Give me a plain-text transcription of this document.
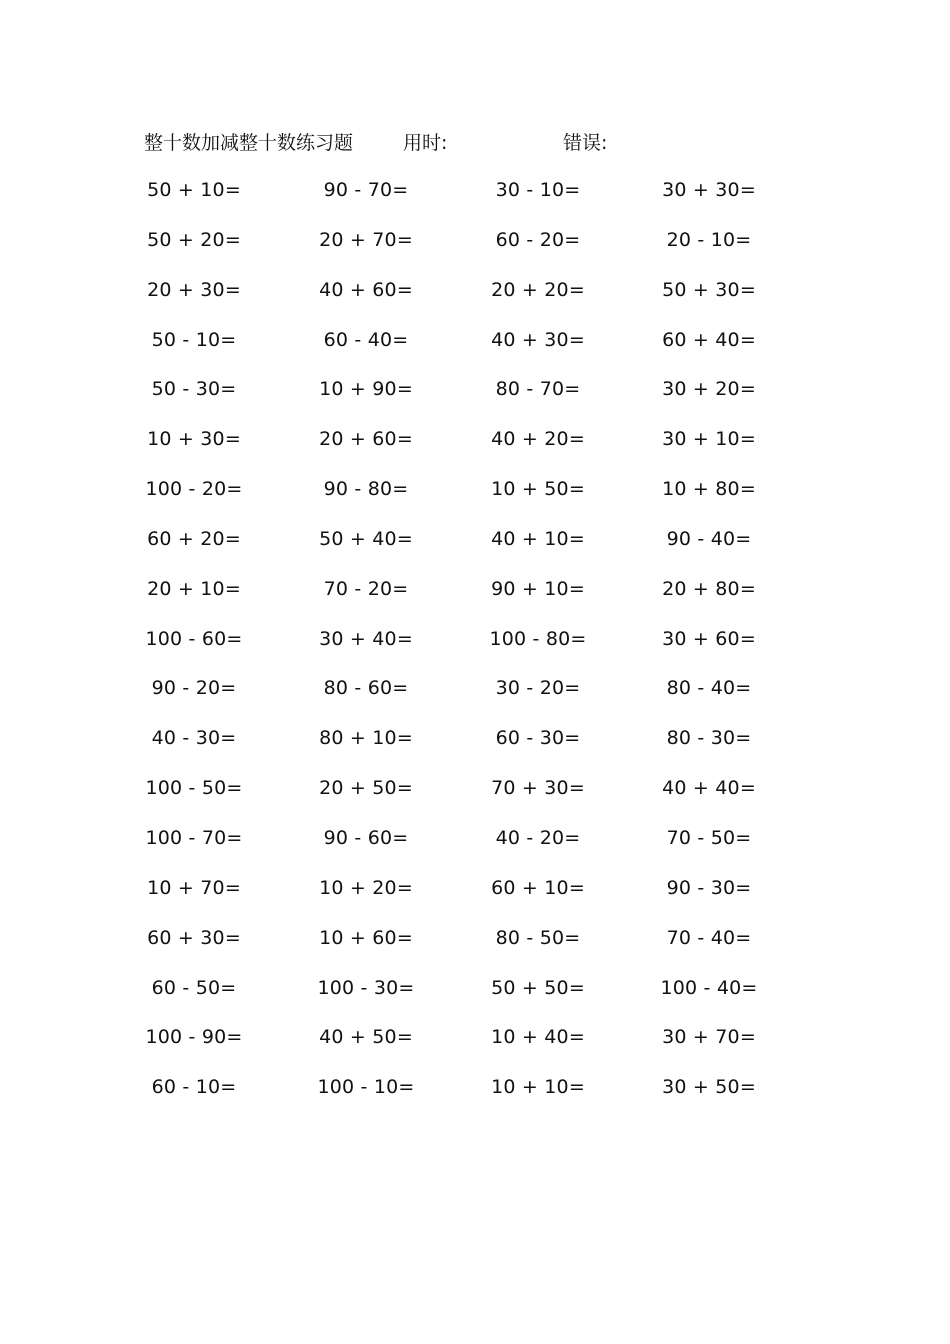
整十数加减整十数练习题	用时:	错误:
50 + 10=	90 - 70=	30 - 10=	30 + 30=
50 + 20=	20 + 70=	60 - 20=	20 - 10=
20 + 30=	40 + 60=	20 + 20=	50 + 30=
50 - 10=	60 - 40=	40 + 30=	60 + 40=
50 - 30=	10 + 90=	80 - 70=	30 + 20=
10 + 30=	20 + 60=	40 + 20=	30 + 10=
100 - 20=	90 - 80=	10 + 50=	10 + 80=
60 + 20=	50 + 40=	40 + 10=	90 - 40=
20 + 10=	70 - 20=	90 + 10=	20 + 80=
100 - 60=	30 + 40=	100 - 80=	30 + 60=
90 - 20=	80 - 60=	30 - 20=	80 - 40=
40 - 30=	80 + 10=	60 - 30=	80 - 30=
100 - 50=	20 + 50=	70 + 30=	40 + 40=
100 - 70=	90 - 60=	40 - 20=	70 - 50=
10 + 70=	10 + 20=	60 + 10=	90 - 30=
60 + 30=	10 + 60=	80 - 50=	70 - 40=
60 - 50=	100 - 30=	50 + 50=	100 - 40=
100 - 90=	40 + 50=	10 + 40=	30 + 70=
60 - 10=	100 - 10=	10 + 10=	30 + 50=
